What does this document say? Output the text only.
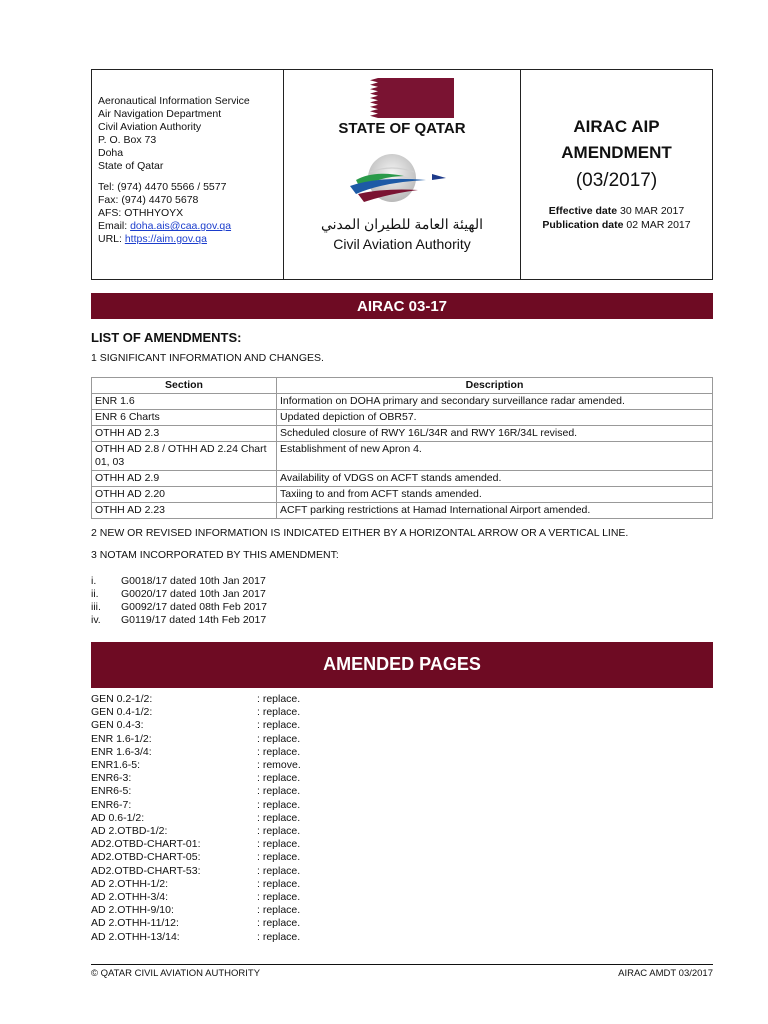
Aeronautical Information Service
Air Navigation Department
Civil Aviation Authority
P. O. Box 73
Doha
State of Qatar
Tel: (974) 4470 5566 / 5577
Fax: (974) 4470 5678
AFS: OTHHYOYX
Email: doha.ais@caa.gov.qa
URL: https://aim.gov.qa
STATE OF QATAR
الهيئة العامة للطيران المدني
Civil Aviation Authority
AIRAC AIP
AMENDMENT
(03/2017)
Effective date 30 MAR 2017
Publication date 02 MAR 2017
AIRAC 03-17
LIST OF AMENDMENTS:
1 SIGNIFICANT INFORMATION AND CHANGES.
Section	Description
ENR 1.6	Information on DOHA primary and secondary surveillance radar amended.
ENR 6 Charts	Updated depiction of OBR57.
OTHH AD 2.3	Scheduled closure of RWY 16L/34R and RWY 16R/34L revised.
OTHH AD 2.8 / OTHH AD 2.24 Chart 01, 03	Establishment of new Apron 4.
OTHH AD 2.9	Availability of VDGS on ACFT stands amended.
OTHH AD 2.20	Taxiing to and from ACFT stands amended.
OTHH AD 2.23	ACFT parking restrictions at Hamad International Airport amended.
2 NEW OR REVISED INFORMATION IS INDICATED EITHER BY A HORIZONTAL ARROW OR A VERTICAL LINE.
3 NOTAM INCORPORATED BY THIS AMENDMENT:
i.	G0018/17 dated 10th Jan 2017
ii.	G0020/17 dated 10th Jan 2017
iii.	G0092/17 dated 08th Feb 2017
iv.	G0119/17 dated 14th Feb 2017
AMENDED PAGES
GEN 0.2-1/2:	: replace.
GEN 0.4-1/2:	: replace.
GEN 0.4-3:	: replace.
ENR 1.6-1/2:	: replace.
ENR 1.6-3/4:	: replace.
ENR1.6-5:	: remove.
ENR6-3:	: replace.
ENR6-5:	: replace.
ENR6-7:	: replace.
AD 0.6-1/2:	: replace.
AD 2.OTBD-1/2:	: replace.
AD2.OTBD-CHART-01:	: replace.
AD2.OTBD-CHART-05:	: replace.
AD2.OTBD-CHART-53:	: replace.
AD 2.OTHH-1/2:	: replace.
AD 2.OTHH-3/4:	: replace.
AD 2.OTHH-9/10:	: replace.
AD 2.OTHH-11/12:	: replace.
AD 2.OTHH-13/14:	: replace.
© QATAR CIVIL AVIATION AUTHORITY	AIRAC AMDT 03/2017
